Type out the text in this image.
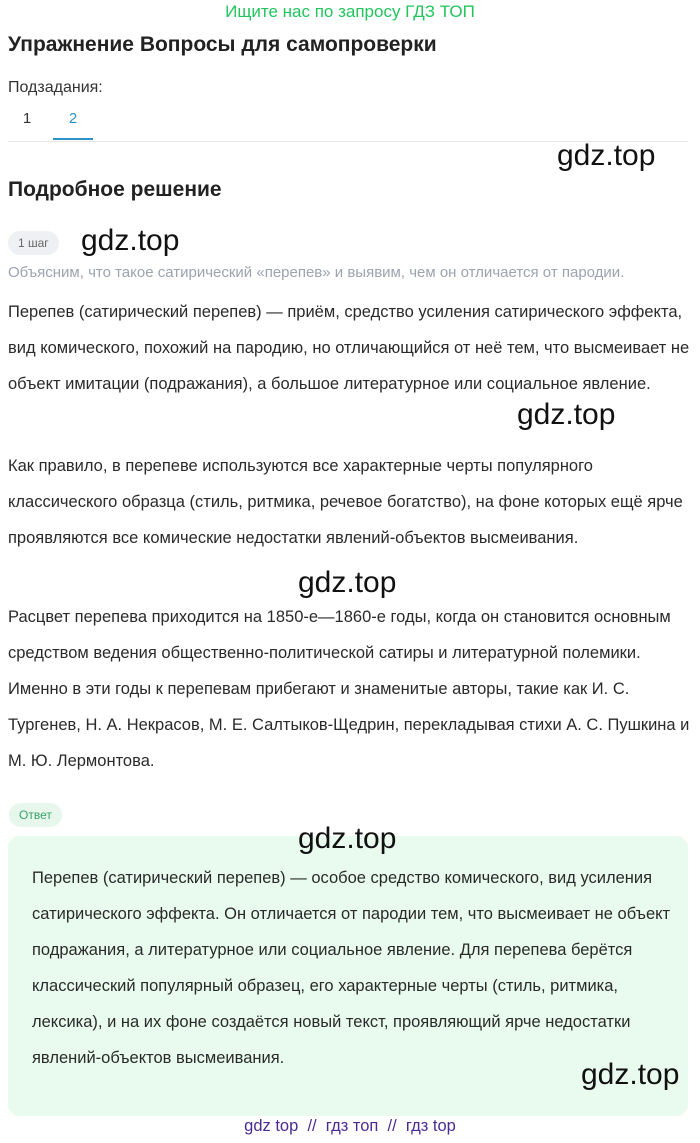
Ищите нас по запросу ГДЗ ТОП
Упражнение Вопросы для самопроверки
Подзадания:
1	2
gdz.top
Подробное решение
1 шаг	gdz.top
Объясним, что такое сатирический «перепев» и выявим, чем он отличается от пародии.

Перепев (сатирический перепев) — приём, средство усиления сатирического эффекта, вид комического, похожий на пародию, но отличающийся от неё тем, что высмеивает не объект имитации (подражания), а большое литературное или социальное явление.

gdz.top

Как правило, в перепеве используются все характерные черты популярного классического образца (стиль, ритмика, речевое богатство), на фоне которых ещё ярче проявляются все комические недостатки явлений-объектов высмеивания.

gdz.top

Расцвет перепева приходится на 1850-е—1860-е годы, когда он становится основным средством ведения общественно-политической сатиры и литературной полемики. Именно в эти годы к перепевам прибегают и знаменитые авторы, такие как И. С. Тургенев, Н. А. Некрасов, М. Е. Салтыков-Щедрин, перекладывая стихи А. С. Пушкина и М. Ю. Лермонтова.

Ответ

Перепев (сатирический перепев) — особое средство комического, вид усиления сатирического эффекта. Он отличается от пародии тем, что высмеивает не объект подражания, а литературное или социальное явление. Для перепева берётся классический популярный образец, его характерные черты (стиль, ритмика, лексика), и на их фоне создаётся новый текст, проявляющий ярче недостатки явлений-объектов высмеивания.

gdz.top
gdz.top
gdz top  //  гдз топ  //  гдз top
